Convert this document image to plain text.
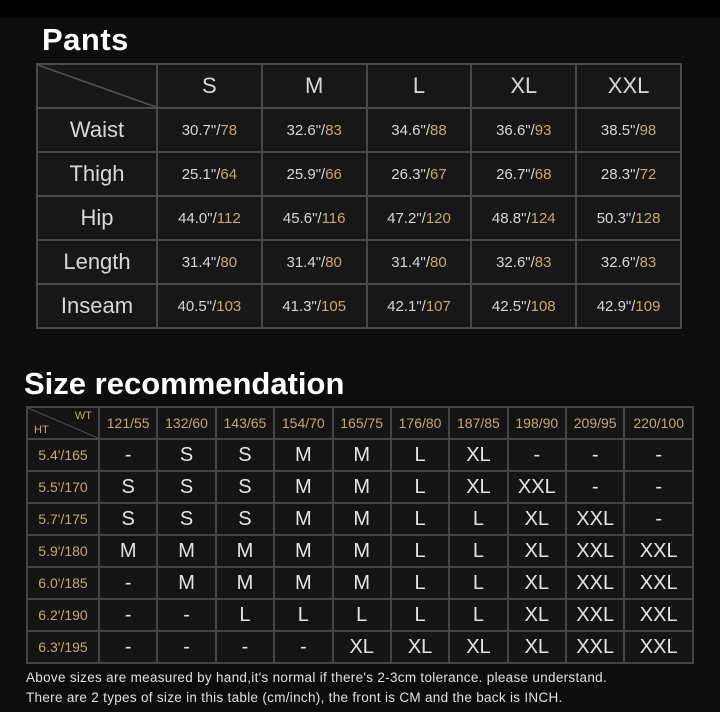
Pants
	S	M	L	XL	XXL
Waist	30.7"/78	32.6"/83	34.6"/88	36.6"/93	38.5"/98
Thigh	25.1"/64	25.9"/66	26.3"/67	26.7"/68	28.3"/72
Hip	44.0"/112	45.6"/116	47.2"/120	48.8"/124	50.3"/128
Length	31.4"/80	31.4"/80	31.4"/80	32.6"/83	32.6"/83
Inseam	40.5"/103	41.3"/105	42.1"/107	42.5"/108	42.9"/109
Size recommendation
WT
HT	121/55	132/60	143/65	154/70	165/75	176/80	187/85	198/90	209/95	220/100
5.4'/165	-	S	S	M	M	L	XL	-	-	-
5.5'/170	S	S	S	M	M	L	XL	XXL	-	-
5.7'/175	S	S	S	M	M	L	L	XL	XXL	-
5.9'/180	M	M	M	M	M	L	L	XL	XXL	XXL
6.0'/185	-	M	M	M	M	L	L	XL	XXL	XXL
6.2'/190	-	-	L	L	L	L	L	XL	XXL	XXL
6.3'/195	-	-	-	-	XL	XL	XL	XL	XXL	XXL
Above sizes are measured by hand,it's normal if there's 2-3cm tolerance. please understand.
There are 2 types of size in this table (cm/inch), the front is CM and the back is INCH.
